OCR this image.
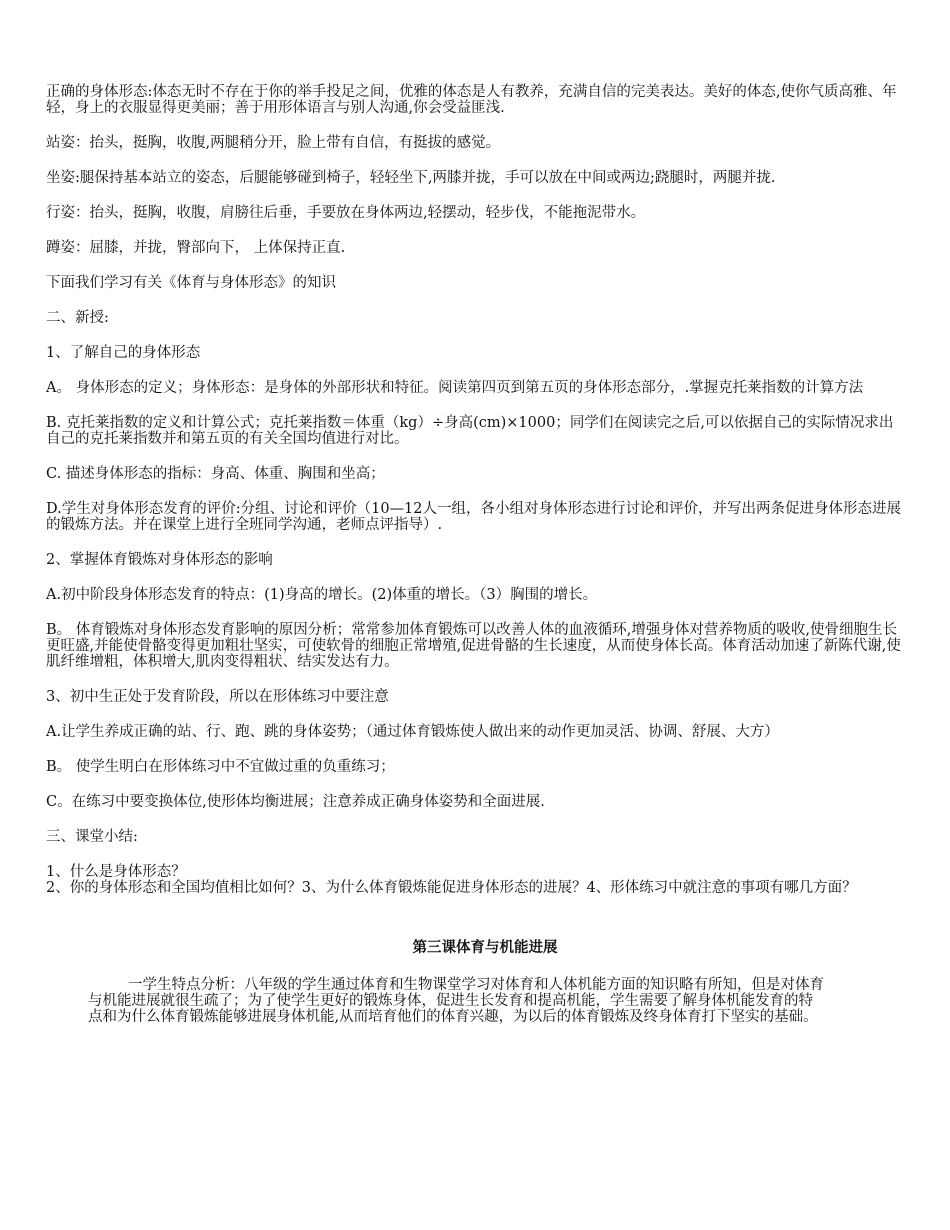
正确的身体形态:体态无时不存在于你的举手投足之间，优雅的体态是人有教养，充满自信的完美表达。美好的体态,使你气质高雅、年轻，身上的衣服显得更美丽；善于用形体语言与别人沟通,你会受益匪浅.

站姿：抬头，挺胸，收腹,两腿稍分开，脸上带有自信，有挺拔的感觉。

坐姿:腿保持基本站立的姿态，后腿能够碰到椅子，轻轻坐下,两膝并拢，手可以放在中间或两边;跷腿时，两腿并拢.

行姿：抬头，挺胸，收腹，肩膀往后垂，手要放在身体两边,轻摆动，轻步伐，不能拖泥带水。

蹲姿：屈膝，并拢，臀部向下， 上体保持正直.

下面我们学习有关《体育与身体形态》的知识

二、新授:

1、了解自己的身体形态

A。 身体形态的定义；身体形态：是身体的外部形状和特征。阅读第四页到第五页的身体形态部分，.掌握克托莱指数的计算方法

B. 克托莱指数的定义和计算公式；克托莱指数＝体重（kg）÷身高(cm)×1000；同学们在阅读完之后,可以依据自己的实际情况求出自己的克托莱指数并和第五页的有关全国均值进行对比。

C. 描述身体形态的指标：身高、体重、胸围和坐高；

D.学生对身体形态发育的评价:分组、讨论和评价（10—12人一组，各小组对身体形态进行讨论和评价，并写出两条促进身体形态进展的锻炼方法。并在课堂上进行全班同学沟通，老师点评指导）.

2、掌握体育锻炼对身体形态的影响

A.初中阶段身体形态发育的特点：(1)身高的增长。(2)体重的增长。（3）胸围的增长。

B。 体育锻炼对身体形态发育影响的原因分析；常常参加体育锻炼可以改善人体的血液循环,增强身体对营养物质的吸收,使骨细胞生长更旺盛,并能使骨骼变得更加粗壮坚实，可使软骨的细胞正常增殖,促进骨骼的生长速度，从而使身体长高。体育活动加速了新陈代谢,使肌纤维增粗，体积增大,肌肉变得粗状、结实发达有力。

3、初中生正处于发育阶段，所以在形体练习中要注意

A.让学生养成正确的站、行、跑、跳的身体姿势；（通过体育锻炼使人做出来的动作更加灵活、协调、舒展、大方）

B。 使学生明白在形体练习中不宜做过重的负重练习；

C。在练习中要变换体位,使形体均衡进展；注意养成正确身体姿势和全面进展.

三、课堂小结:

1、什么是身体形态？

2、你的身体形态和全国均值相比如何？3、为什么体育锻炼能促进身体形态的进展？4、形体练习中就注意的事项有哪几方面？

第三课体育与机能进展
一学生特点分析：八年级的学生通过体育和生物课堂学习对体育和人体机能方面的知识略有所知，但是对体育与机能进展就很生疏了；为了使学生更好的锻炼身体，促进生长发育和提高机能，学生需要了解身体机能发育的特点和为什么体育锻炼能够进展身体机能,从而培育他们的体育兴趣，为以后的体育锻炼及终身体育打下坚实的基础。
